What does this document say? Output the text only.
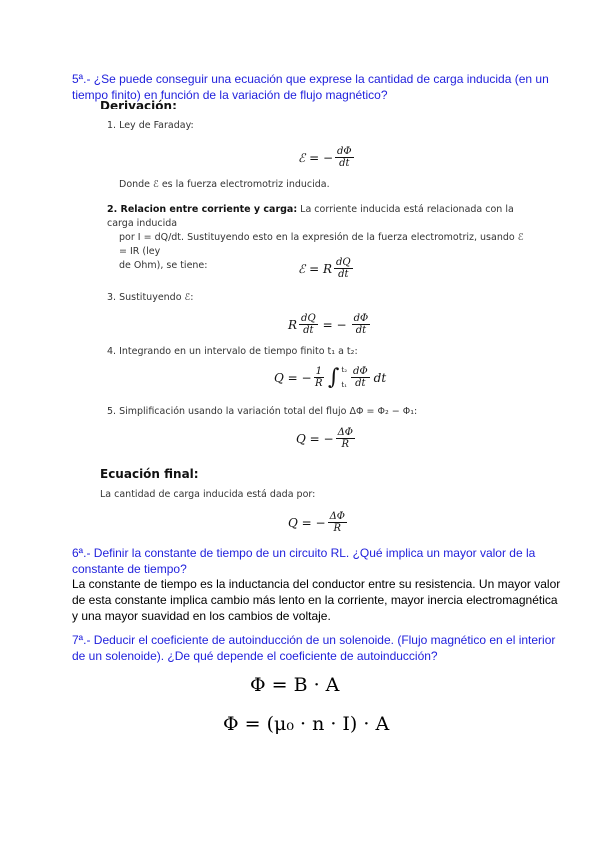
5ª.- ¿Se puede conseguir una ecuación que exprese la cantidad de carga inducida (en un
tiempo finito) en función de la variación de flujo magnético?
Derivación:
1. Ley de Faraday:
ℰ = − $\frac{d\Phi}{dt}$
Donde ℰ es la fuerza electromotriz inducida.
2. Relacion entre corriente y carga: La corriente inducida está relacionada con la carga inducida
por I = dQ/dt. Sustituyendo esto en la expresión de la fuerza electromotriz, usando ℰ = IR (ley
de Ohm), se tiene:	ℰ = R $\frac{dQ}{dt}$
3. Sustituyendo ℰ:
R $\frac{dQ}{dt}$ = − $\frac{d\Phi}{dt}$
4. Integrando en un intervalo de tiempo finito t₁ a t₂:
Q = − $\frac{1}{R}$ ∫ t₂
$t_1 \frac{d\Phi}{dt}$ dt
5. Simplificación usando la variación total del flujo ΔΦ = Φ₂ − Φ₁:
Q = − $\frac{\Delta\Phi}{R}$
Ecuación final:
La cantidad de carga inducida está dada por:
Q = − $\frac{\Delta\Phi}{R}$
6ª.- Definir la constante de tiempo de un circuito RL. ¿Qué implica un mayor valor de la
constante de tiempo?
La constante de tiempo es la inductancia del conductor entre su resistencia. Un mayor valor
de esta constante implica cambio más lento en la corriente, mayor inercia electromagnética
y una mayor suavidad en los cambios de voltaje.
7ª.- Deducir el coeficiente de autoinducción de un solenoide. (Flujo magnético en el interior
de un solenoide). ¿De qué depende el coeficiente de autoinducción?
Φ = B · A
Φ = (μ₀ · n · I) · A
